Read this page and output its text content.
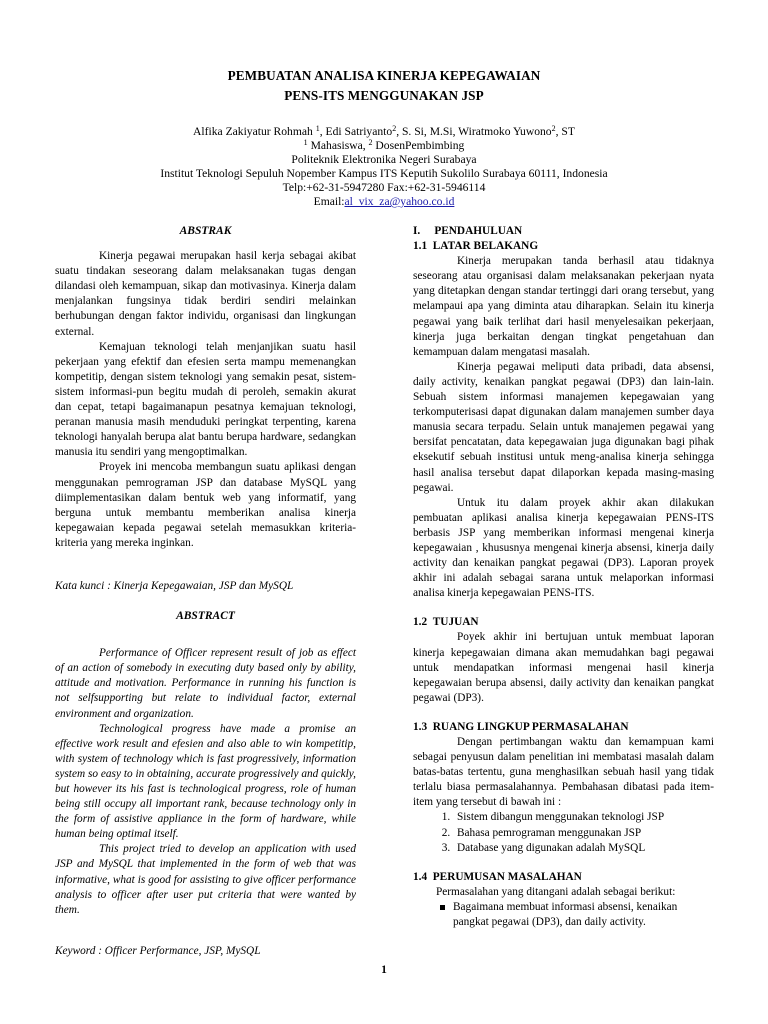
PEMBUATAN ANALISA KINERJA KEPEGAWAIAN
PENS-ITS MENGGUNAKAN JSP
Alfika Zakiyatur Rohmah $^1$, Edi Satriyanto$^2$, S. Si, M.Si, Wiratmoko Yuwono$^2$, ST
$^1$ Mahasiswa, $^2$ DosenPembimbing
Politeknik Elektronika Negeri Surabaya
Institut Teknologi Sepuluh Nopember Kampus ITS Keputih Sukolilo Surabaya 60111, Indonesia
Telp:+62-31-5947280 Fax:+62-31-5946114
Email:al_vix_za@yahoo.co.id
ABSTRAK

Kinerja pegawai merupakan hasil kerja sebagai akibat suatu tindakan seseorang dalam melaksanakan tugas dengan dilandasi oleh kemampuan, sikap dan motivasinya. Kinerja dalam menjalankan fungsinya tidak berdiri sendiri melainkan berhubungan dengan faktor individu, organisasi dan lingkungan external.

Kemajuan teknologi telah menjanjikan suatu hasil pekerjaan yang efektif dan efesien serta mampu memenangkan kompetitip, dengan sistem teknologi yang semakin pesat, sistem-sistem informasi-pun begitu mudah di peroleh, semakin akurat dan cepat, tetapi bagaimanapun pesatnya kemajuan teknologi, peranan manusia masih menduduki peringkat terpenting, karena teknologi hanyalah berupa alat bantu berupa hardware, sedangkan manusia itu sendiri yang mengoptimalkan.

Proyek ini mencoba membangun suatu aplikasi dengan menggunakan pemrograman JSP dan database MySQL yang diimplementasikan dalam bentuk web yang informatif, yang berguna untuk membantu memberikan analisa kinerja kepegawaian kepada pegawai setelah memasukkan kriteria-kriteria yang mereka inginkan.

Kata kunci : Kinerja Kepegawaian, JSP dan MySQL

ABSTRACT

Performance of Officer represent result of job as effect of an action of somebody in executing duty based only by ability, attitude and motivation. Performance in running his function is not selfsupporting but relate to individual factor, external environment and organization.

Technological progress have made a promise an effective work result and efesien and also able to win kompetitip, with system of technology which is fast progressively, information system so easy to in obtaining, accurate progressively and quickly, but however its his fast is technological progress, role of human being still occupy all important rank, because technology only in the form of assistive appliance in the form of hardware, while human being optimal itself.

This project tried to develop an application with used JSP and MySQL that implemented in the form of web that was informative, what is good for assisting to give officer performance analysis to officer after user put criteria that were wanted by them.

Keyword : Officer Performance, JSP, MySQL

I.     PENDAHULUAN
1.1  LATAR BELAKANG

Kinerja merupakan tanda berhasil atau tidaknya seseorang atau organisasi dalam melaksanakan pekerjaan nyata yang ditetapkan dengan standar tertinggi dari orang tersebut, yang melampaui apa yang diminta atau diharapkan. Selain itu kinerja pegawai yang baik terlihat dari hasil menyelesaikan pekerjaan, kinerja juga berkaitan dengan tingkat pengetahuan dan kemampuan dalam mengatasi masalah.

Kinerja pegawai meliputi data pribadi, data absensi, daily activity, kenaikan pangkat pegawai (DP3) dan lain-lain. Sebuah sistem informasi manajemen kepegawaian yang terkomputerisasi dapat digunakan dalam manajemen sumber daya manusia secara terpadu. Selain untuk manajemen pegawai yang bersifat pencatatan, data kepegawaian juga digunakan bagi pihak eksekutif sebuah institusi untuk meng-analisa kinerja sehingga hasil analisa tersebut dapat dilaporkan kepada masing-masing pegawai.

Untuk itu dalam proyek akhir akan dilakukan pembuatan aplikasi analisa kinerja kepegawaian PENS-ITS berbasis JSP yang memberikan informasi mengenai kinerja kepegawaian , khususnya mengenai kinerja absensi, kinerja daily activity dan kenaikan pangkat pegawai (DP3). Laporan proyek akhir ini adalah sebagai sarana untuk melaporkan informasi analisa kinerja kepegawaian PENS-ITS.

1.2  TUJUAN

Poyek akhir ini bertujuan untuk membuat laporan kinerja kepegawaian dimana akan memudahkan bagi pegawai untuk mendapatkan informasi mengenai hasil kinerja kepegawaian berupa absensi, daily activity dan kenaikan pangkat pegawai (DP3).

1.3  RUANG LINGKUP PERMASALAHAN

Dengan pertimbangan waktu dan kemampuan kami sebagai penyusun dalam penelitian ini membatasi masalah dalam batas-batas tertentu, guna menghasilkan sebuah hasil yang tidak terlalu biasa permasalahannya. Pembahasan dibatasi pada item-item yang tersebut di bawah ini :

1. Sistem dibangun menggunakan teknologi JSP
2. Bahasa pemrograman menggunakan JSP
3. Database yang digunakan adalah MySQL
1.4  PERUMUSAN MASALAHAN

Permasalahan yang ditangani adalah sebagai berikut:

Bagaimana membuat informasi absensi, kenaikan pangkat pegawai (DP3), dan daily activity.
1
